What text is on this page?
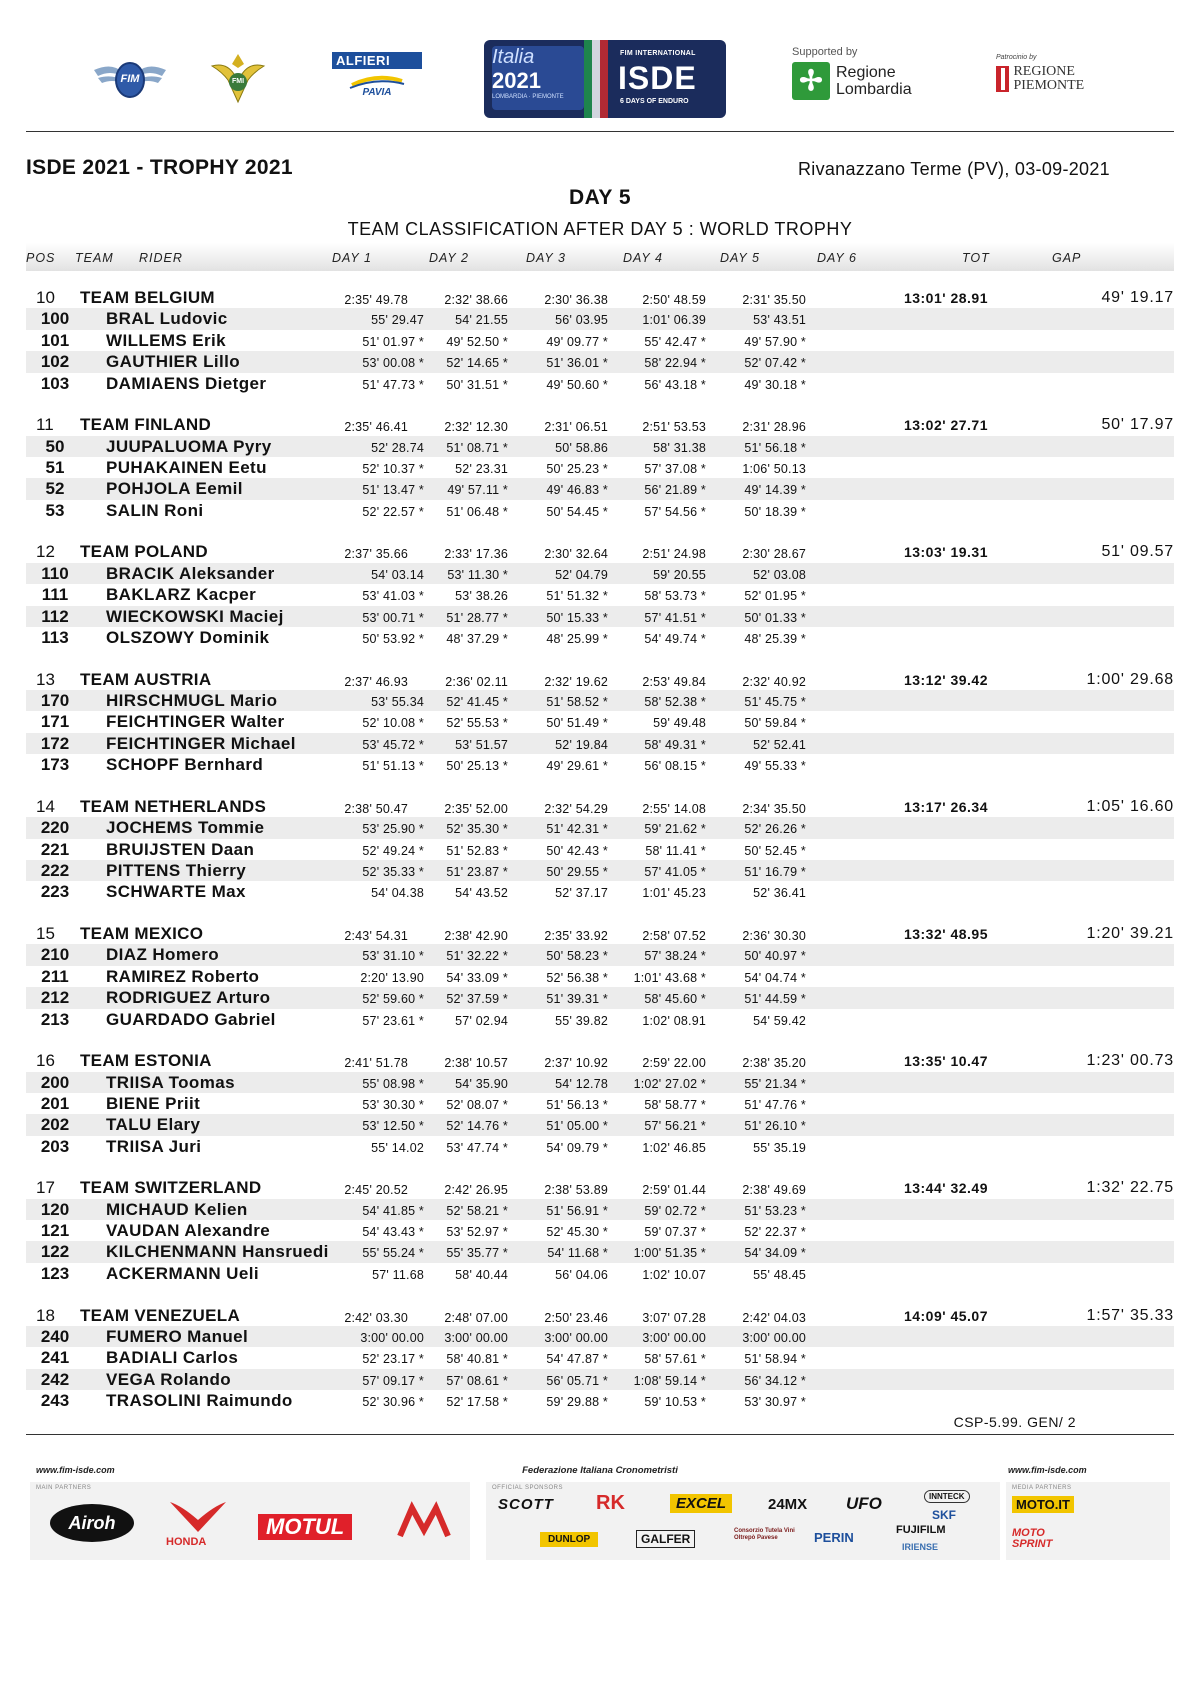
FIM	FMI
ALFIERI
PAVIA
Italia
2021
LOMBARDIA · PIEMONTE
FIM INTERNATIONAL
ISDE
6 DAYS OF ENDURO
Supported by
✢ Regione Lombardia
Patrocinio by
REGIONE PIEMONTE
ISDE 2021 - TROPHY 2021	Rivanazzano Terme (PV), 03-09-2021
DAY 5
TEAM CLASSIFICATION AFTER DAY 5 : WORLD TROPHY
POS TEAM RIDER	DAY 1	DAY 2	DAY 3	DAY 4	DAY 5	DAY 6	TOT	GAP
10	TEAM BELGIUM	2:35' 49.78	2:32' 38.66	2:30' 36.38	2:50' 48.59	2:31' 35.50	13:01' 28.91	49' 19.17
100 BRAL Ludovic	55' 29.47	54' 21.55	56' 03.95	1:01' 06.39	53' 43.51
101 WILLEMS Erik	51' 01.97 *	49' 52.50 *	49' 09.77 *	55' 42.47 *	49' 57.90 *
102 GAUTHIER Lillo	53' 00.08 *	52' 14.65 *	51' 36.01 *	58' 22.94 *	52' 07.42 *
103 DAMIAENS Dietger	51' 47.73 *	50' 31.51 *	49' 50.60 *	56' 43.18 *	49' 30.18 *
11	TEAM FINLAND	2:35' 46.41	2:32' 12.30	2:31' 06.51	2:51' 53.53	2:31' 28.96	13:02' 27.71	50' 17.97
50	JUUPALUOMA Pyry	52' 28.74	51' 08.71 *	50' 58.86	58' 31.38	51' 56.18 *
51	PUHAKAINEN Eetu	52' 10.37 *	52' 23.31	50' 25.23 *	57' 37.08 *	1:06' 50.13
52	POHJOLA Eemil	51' 13.47 *	49' 57.11 *	49' 46.83 *	56' 21.89 *	49' 14.39 *
53	SALIN Roni	52' 22.57 *	51' 06.48 *	50' 54.45 *	57' 54.56 *	50' 18.39 *
12	TEAM POLAND	2:37' 35.66	2:33' 17.36	2:30' 32.64	2:51' 24.98	2:30' 28.67	13:03' 19.31	51' 09.57
110 BRACIK Aleksander	54' 03.14	53' 11.30 *	52' 04.79	59' 20.55	52' 03.08
111 BAKLARZ Kacper	53' 41.03 *	53' 38.26	51' 51.32 *	58' 53.73 *	52' 01.95 *
112 WIECKOWSKI Maciej	53' 00.71 *	51' 28.77 *	50' 15.33 *	57' 41.51 *	50' 01.33 *
113 OLSZOWY Dominik	50' 53.92 *	48' 37.29 *	48' 25.99 *	54' 49.74 *	48' 25.39 *
13	TEAM AUSTRIA	2:37' 46.93	2:36' 02.11	2:32' 19.62	2:53' 49.84	2:32' 40.92	13:12' 39.42	1:00' 29.68
170 HIRSCHMUGL Mario	53' 55.34	52' 41.45 *	51' 58.52 *	58' 52.38 *	51' 45.75 *
171 FEICHTINGER Walter	52' 10.08 *	52' 55.53 *	50' 51.49 *	59' 49.48	50' 59.84 *
172 FEICHTINGER Michael	53' 45.72 *	53' 51.57	52' 19.84	58' 49.31 *	52' 52.41
173 SCHOPF Bernhard	51' 51.13 *	50' 25.13 *	49' 29.61 *	56' 08.15 *	49' 55.33 *
14	TEAM NETHERLANDS	2:38' 50.47	2:35' 52.00	2:32' 54.29	2:55' 14.08	2:34' 35.50	13:17' 26.34	1:05' 16.60
220 JOCHEMS Tommie	53' 25.90 *	52' 35.30 *	51' 42.31 *	59' 21.62 *	52' 26.26 *
221 BRUIJSTEN Daan	52' 49.24 *	51' 52.83 *	50' 42.43 *	58' 11.41 *	50' 52.45 *
222 PITTENS Thierry	52' 35.33 *	51' 23.87 *	50' 29.55 *	57' 41.05 *	51' 16.79 *
223 SCHWARTE Max	54' 04.38	54' 43.52	52' 37.17	1:01' 45.23	52' 36.41
15	TEAM MEXICO	2:43' 54.31	2:38' 42.90	2:35' 33.92	2:58' 07.52	2:36' 30.30	13:32' 48.95	1:20' 39.21
210 DIAZ Homero	53' 31.10 *	51' 32.22 *	50' 58.23 *	57' 38.24 *	50' 40.97 *
211 RAMIREZ Roberto	2:20' 13.90	54' 33.09 *	52' 56.38 *	1:01' 43.68 *	54' 04.74 *
212 RODRIGUEZ Arturo	52' 59.60 *	52' 37.59 *	51' 39.31 *	58' 45.60 *	51' 44.59 *
213 GUARDADO Gabriel	57' 23.61 *	57' 02.94	55' 39.82	1:02' 08.91	54' 59.42
16	TEAM ESTONIA	2:41' 51.78	2:38' 10.57	2:37' 10.92	2:59' 22.00	2:38' 35.20	13:35' 10.47	1:23' 00.73
200 TRIISA Toomas	55' 08.98 *	54' 35.90	54' 12.78	1:02' 27.02 *	55' 21.34 *
201 BIENE Priit	53' 30.30 *	52' 08.07 *	51' 56.13 *	58' 58.77 *	51' 47.76 *
202 TALU Elary	53' 12.50 *	52' 14.76 *	51' 05.00 *	57' 56.21 *	51' 26.10 *
203 TRIISA Juri	55' 14.02	53' 47.74 *	54' 09.79 *	1:02' 46.85	55' 35.19
17	TEAM SWITZERLAND	2:45' 20.52	2:42' 26.95	2:38' 53.89	2:59' 01.44	2:38' 49.69	13:44' 32.49	1:32' 22.75
120 MICHAUD Kelien	54' 41.85 *	52' 58.21 *	51' 56.91 *	59' 02.72 *	51' 53.23 *
121 VAUDAN Alexandre	54' 43.43 *	53' 52.97 *	52' 45.30 *	59' 07.37 *	52' 22.37 *
122 KILCHENMANN Hansruedi	55' 55.24 *	55' 35.77 *	54' 11.68 *	1:00' 51.35 *	54' 34.09 *
123 ACKERMANN Ueli	57' 11.68	58' 40.44	56' 04.06	1:02' 10.07	55' 48.45
18	TEAM VENEZUELA	2:42' 03.30	2:48' 07.00	2:50' 23.46	3:07' 07.28	2:42' 04.03	14:09' 45.07	1:57' 35.33
240 FUMERO Manuel	3:00' 00.00	3:00' 00.00	3:00' 00.00	3:00' 00.00	3:00' 00.00
241 BADIALI Carlos	52' 23.17 *	58' 40.81 *	54' 47.87 *	58' 57.61 *	51' 58.94 *
242 VEGA Rolando	57' 09.17 *	57' 08.61 *	56' 05.71 *	1:08' 59.14 *	56' 34.12 *
243 TRASOLINI Raimundo	52' 30.96 *	52' 17.58 *	59' 29.88 *	59' 10.53 *	53' 30.97 *
CSP-5.99. GEN/ 2
www.fim-isde.com	Federazione Italiana Cronometristi	www.fim-isde.com
MAIN PARTNERS
Airoh
HONDA
MOTUL
OFFICIAL SPONSORS
SCOTT RK	EXCEL	24MX UFO	INNTECK
SKF
DUNLOP	GALFER
Consorzio Tutela Vini Oltrepò Pavese	PERIN	FUJIFILM
IRIENSE
MEDIA PARTNERS
MOTO.IT
MOTO SPRINT
